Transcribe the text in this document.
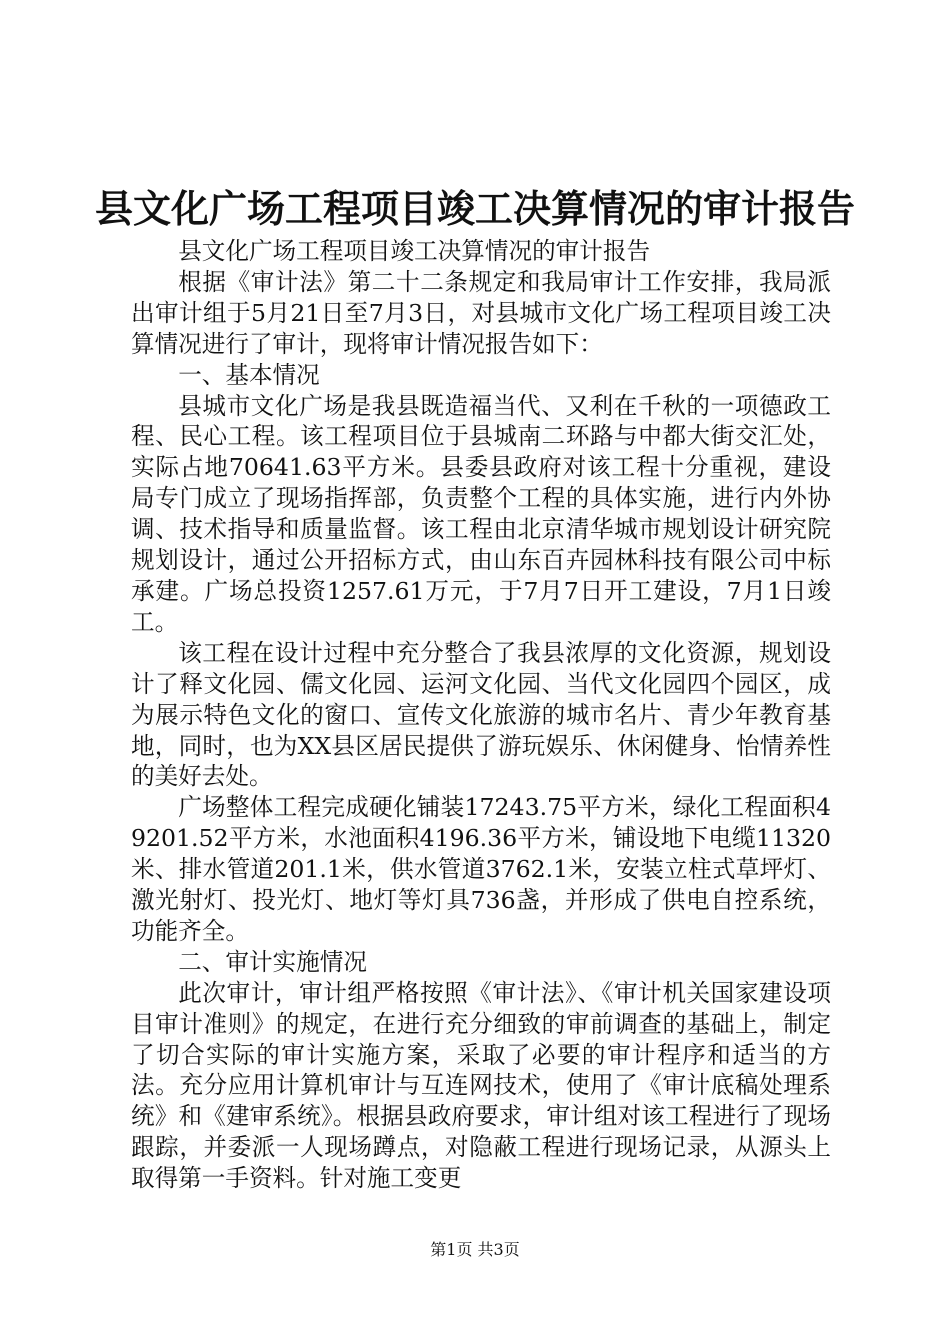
县文化广场工程项目竣工决算情况的审计报告

县文化广场工程项目竣工决算情况的审计报告

根据《审计法》第二十二条规定和我局审计工作安排，我局派出审计组于5月21日至7月3日，对县城市文化广场工程项目竣工决算情况进行了审计，现将审计情况报告如下：

一、基本情况

县城市文化广场是我县既造福当代、又利在千秋的一项德政工程、民心工程。该工程项目位于县城南二环路与中都大街交汇处，实际占地70641.63平方米。县委县政府对该工程十分重视，建设局专门成立了现场指挥部，负责整个工程的具体实施，进行内外协调、技术指导和质量监督。该工程由北京清华城市规划设计研究院规划设计，通过公开招标方式，由山东百卉园林科技有限公司中标承建。广场总投资1257.61万元，于7月7日开工建设，7月1日竣工。

该工程在设计过程中充分整合了我县浓厚的文化资源，规划设计了释文化园、儒文化园、运河文化园、当代文化园四个园区，成为展示特色文化的窗口、宣传文化旅游的城市名片、青少年教育基地，同时，也为XX县区居民提供了游玩娱乐、休闲健身、怡情养性的美好去处。

广场整体工程完成硬化铺装17243.75平方米，绿化工程面积49201.52平方米，水池面积4196.36平方米，铺设地下电缆11320米、排水管道201.1米，供水管道3762.1米，安装立柱式草坪灯、激光射灯、投光灯、地灯等灯具736盏，并形成了供电自控系统，功能齐全。

二、审计实施情况

此次审计，审计组严格按照《审计法》、《审计机关国家建设项目审计准则》的规定，在进行充分细致的审前调查的基础上，制定了切合实际的审计实施方案，采取了必要的审计程序和适当的方法。充分应用计算机审计与互连网技术，使用了《审计底稿处理系统》和《建审系统》。根据县政府要求，审计组对该工程进行了现场跟踪，并委派一人现场蹲点，对隐蔽工程进行现场记录，从源头上取得第一手资料。针对施工变更

第1页 共3页
